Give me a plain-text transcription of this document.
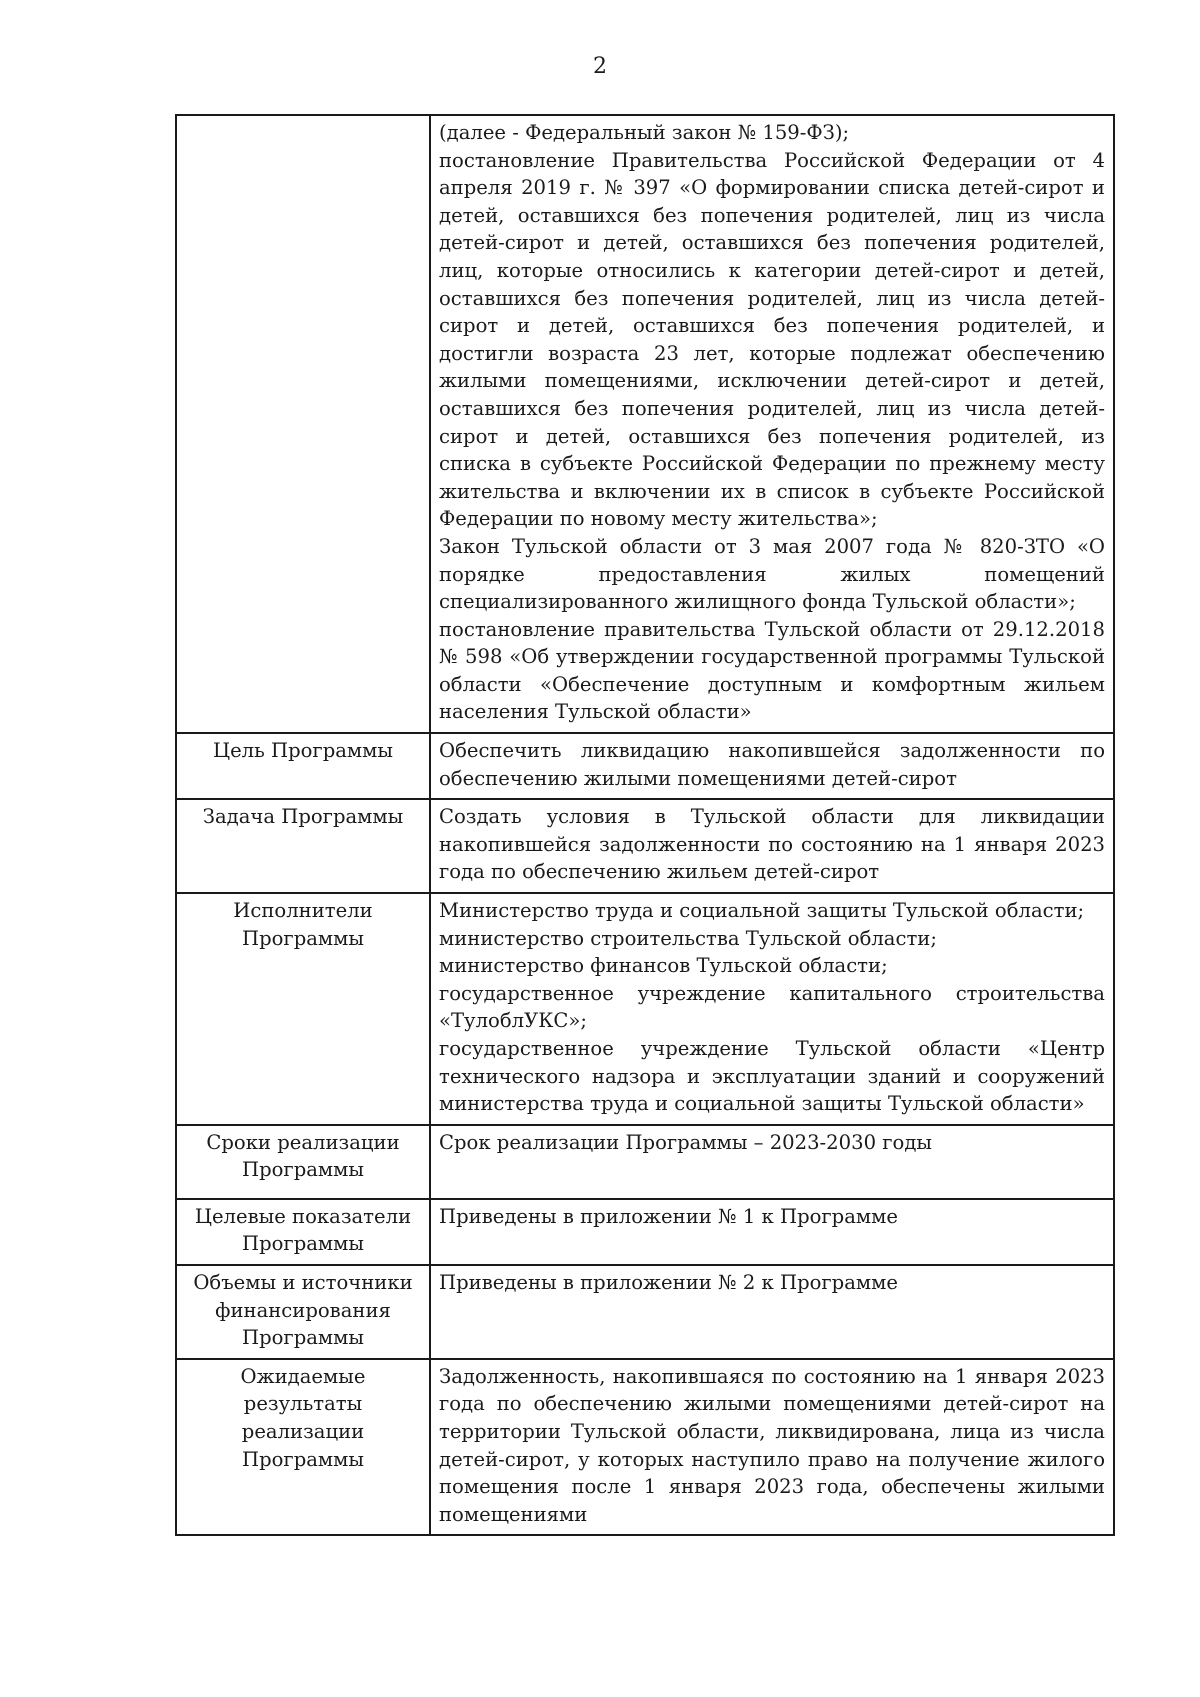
2

	(далее - Федеральный закон № 159-ФЗ);

постановление Правительства Российской Федерации от 4 апреля 2019 г. № 397 «О формировании списка детей-сирот и детей, оставшихся без попечения родителей, лиц из числа детей-сирот и детей, оставшихся без попечения родителей, лиц, которые относились к категории детей-сирот и детей, оставшихся без попечения родителей, лиц из числа детей-сирот и детей, оставшихся без попечения родителей, и достигли возраста 23 лет, которые подлежат обеспечению жилыми помещениями, исключении детей-сирот и детей, оставшихся без попечения родителей, лиц из числа детей-сирот и детей, оставшихся без попечения родителей, из списка в субъекте Российской Федерации по прежнему месту жительства и включении их в список в субъекте Российской Федерации по новому месту жительства»;

Закон Тульской области от 3 мая 2007 года № 820-ЗТО «О порядке предоставления жилых помещений специализированного жилищного фонда Тульской области»;

постановление правительства Тульской области от 29.12.2018 № 598 «Об утверждении государственной программы Тульской области «Обеспечение доступным и комфортным жильем населения Тульской области»

Цель Программы	Обеспечить ликвидацию накопившейся задолженности по обеспечению жилыми помещениями детей-сирот

Задача Программы	Создать условия в Тульской области для ликвидации накопившейся задолженности по состоянию на 1 января 2023 года по обеспечению жильем детей-сирот

Исполнители Программы	Министерство труда и социальной защиты Тульской области;

министерство строительства Тульской области;

министерство финансов Тульской области;

государственное учреждение капитального строительства «ТулоблУКС»;

государственное учреждение Тульской области «Центр технического надзора и эксплуатации зданий и сооружений министерства труда и социальной защиты Тульской области»

Сроки реализации Программы	Срок реализации Программы – 2023-2030 годы

Целевые показатели Программы	Приведены в приложении № 1 к Программе

Объемы и источники финансирования Программы	Приведены в приложении № 2 к Программе

Ожидаемые результаты реализации Программы	Задолженность, накопившаяся по состоянию на 1 января 2023 года по обеспечению жилыми помещениями детей-сирот на территории Тульской области, ликвидирована, лица из числа детей-сирот, у которых наступило право на получение жилого помещения после 1 января 2023 года, обеспечены жилыми помещениями
